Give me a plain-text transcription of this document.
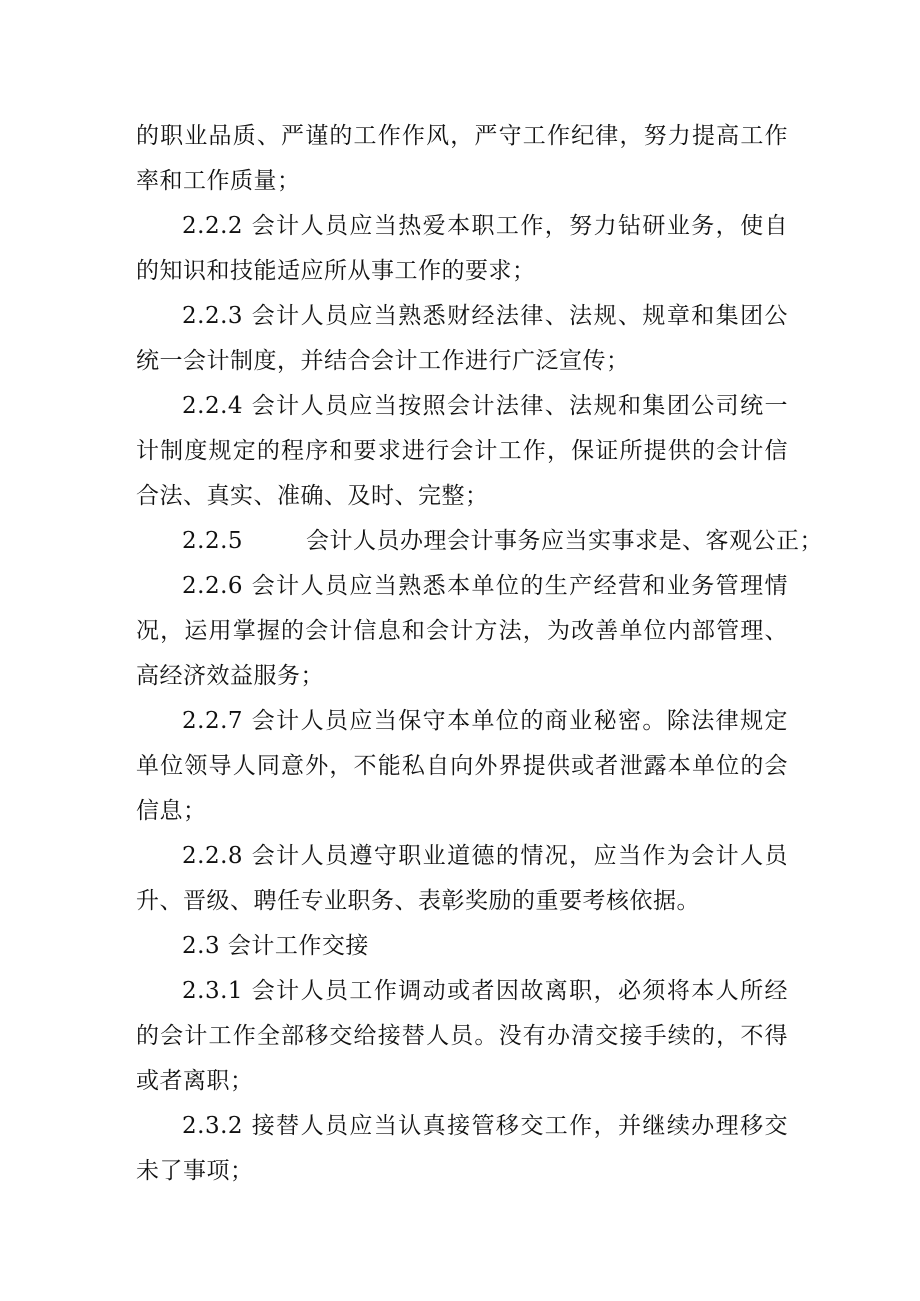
的职业品质、严谨的工作作风，严守工作纪律，努力提高工作
率和工作质量；
2.2.2 会计人员应当热爱本职工作，努力钻研业务，使自
的知识和技能适应所从事工作的要求；
2.2.3 会计人员应当熟悉财经法律、法规、规章和集团公
统一会计制度，并结合会计工作进行广泛宣传；
2.2.4 会计人员应当按照会计法律、法规和集团公司统一
计制度规定的程序和要求进行会计工作，保证所提供的会计信
合法、真实、准确、及时、完整；
2.2.5	会计人员办理会计事务应当实事求是、客观公正；
2.2.6 会计人员应当熟悉本单位的生产经营和业务管理情
况，运用掌握的会计信息和会计方法，为改善单位内部管理、
高经济效益服务；
2.2.7 会计人员应当保守本单位的商业秘密。除法律规定
单位领导人同意外，不能私自向外界提供或者泄露本单位的会
信息；
2.2.8 会计人员遵守职业道德的情况，应当作为会计人员
升、晋级、聘任专业职务、表彰奖励的重要考核依据。
2.3 会计工作交接
2.3.1 会计人员工作调动或者因故离职，必须将本人所经
的会计工作全部移交给接替人员。没有办清交接手续的，不得
或者离职；
2.3.2 接替人员应当认真接管移交工作，并继续办理移交
未了事项；
